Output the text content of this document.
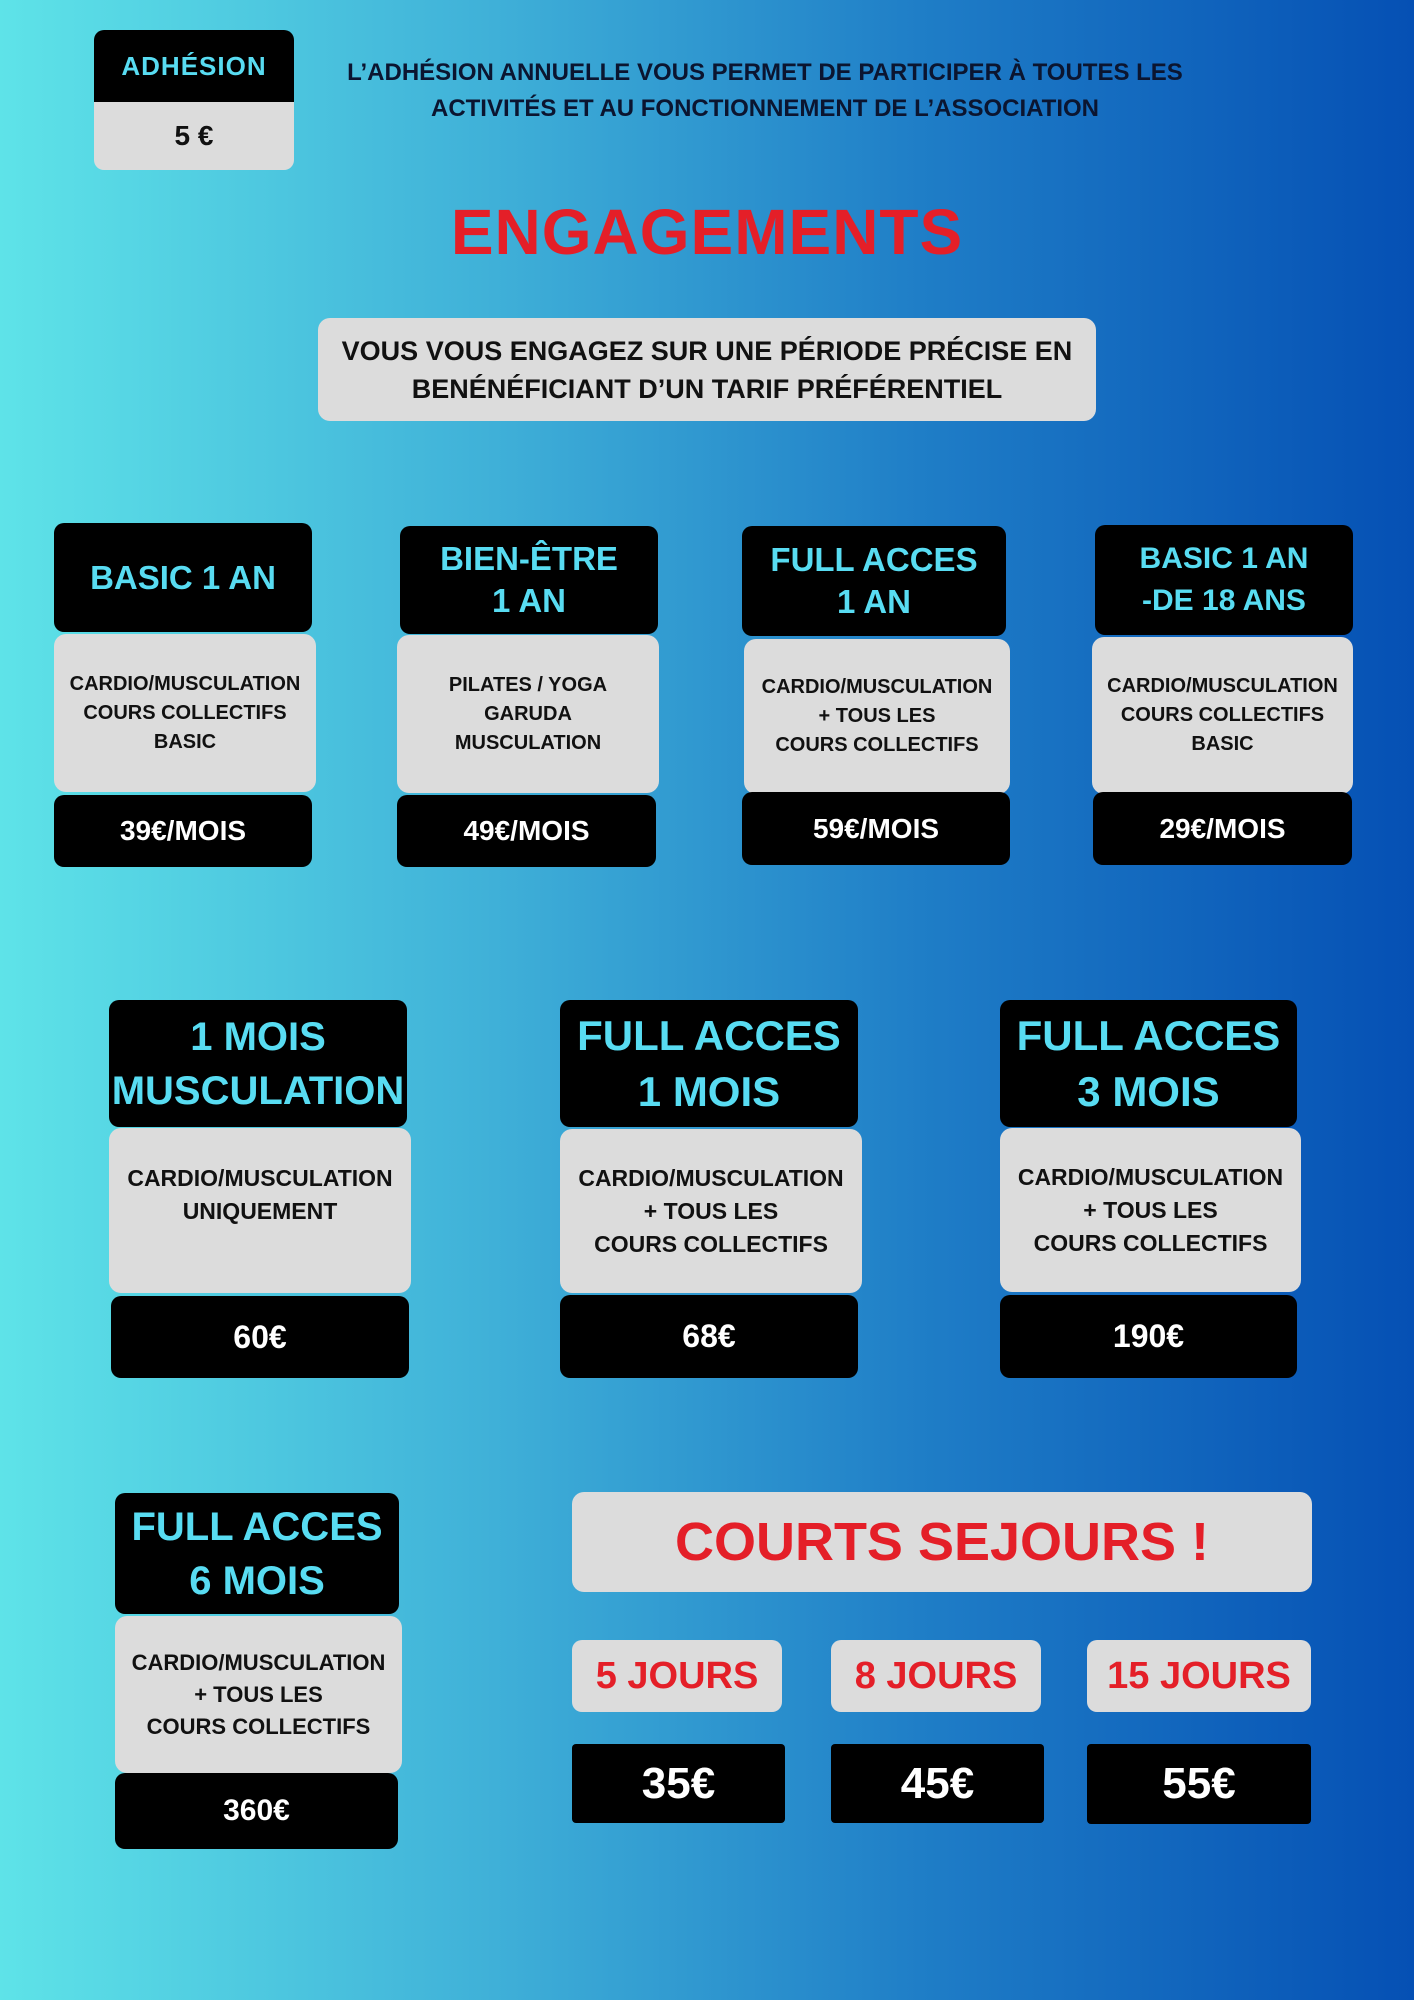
ADHÉSION
5 €
L’ADHÉSION ANNUELLE VOUS PERMET DE PARTICIPER À TOUTES LES
ACTIVITÉS ET AU FONCTIONNEMENT DE L’ASSOCIATION
ENGAGEMENTS
VOUS VOUS ENGAGEZ SUR UNE PÉRIODE PRÉCISE EN
BENÉNÉFICIANT D’UN TARIF PRÉFÉRENTIEL
BASIC 1 AN
CARDIO/MUSCULATION
COURS COLLECTIFS
BASIC
39€/MOIS
BIEN-ÊTRE
1 AN
PILATES / YOGA
GARUDA
MUSCULATION
49€/MOIS
FULL ACCES
1 AN
CARDIO/MUSCULATION
+ TOUS LES
COURS COLLECTIFS
59€/MOIS
BASIC 1 AN
-DE 18 ANS
CARDIO/MUSCULATION
COURS COLLECTIFS
BASIC
29€/MOIS
1 MOIS
MUSCULATION
CARDIO/MUSCULATION
UNIQUEMENT
60€
FULL ACCES
1 MOIS
CARDIO/MUSCULATION
+ TOUS LES
COURS COLLECTIFS
68€
FULL ACCES
3 MOIS
CARDIO/MUSCULATION
+ TOUS LES
COURS COLLECTIFS
190€
FULL ACCES
6 MOIS
CARDIO/MUSCULATION
+ TOUS LES
COURS COLLECTIFS
360€
COURTS SEJOURS !
5 JOURS
35€
8 JOURS
45€
15 JOURS
55€
